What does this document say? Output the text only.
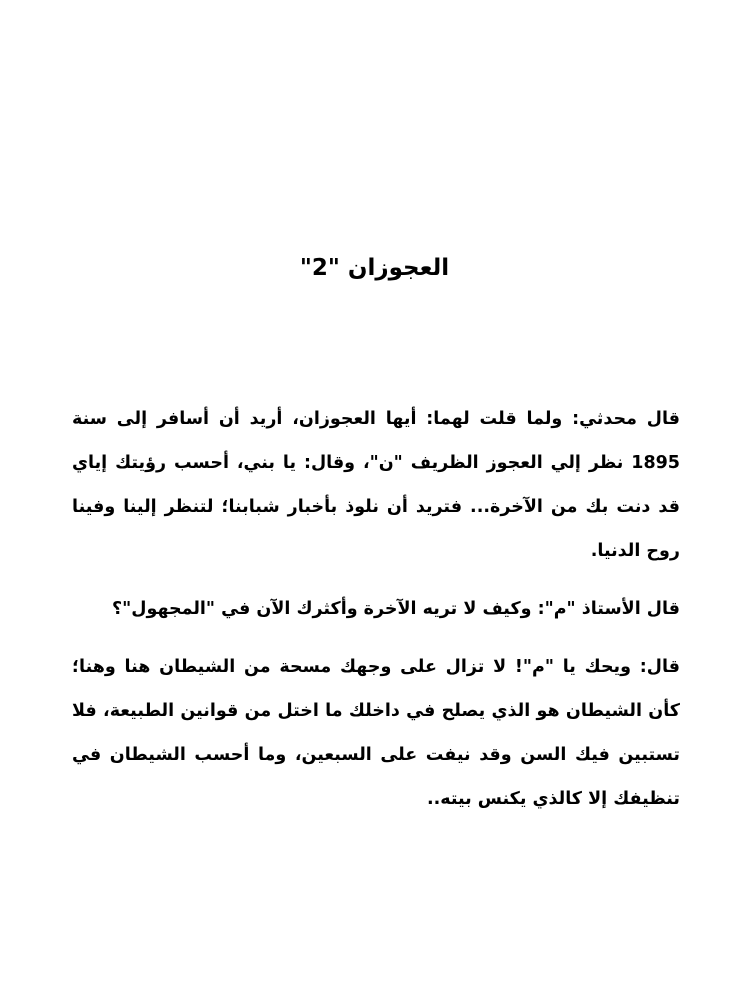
العجوزان "2"

قال محدثي: ولما قلت لهما: أيها العجوزان، أريد أن أسافر إلى سنة 1895 نظر إلي العجوز الظريف "ن"، وقال: يا بني، أحسب رؤيتك إياي قد دنت بك من الآخرة... فتريد أن نلوذ بأخبار شبابنا؛ لتنظر إلينا وفينا روح الدنيا.

قال الأستاذ "م": وكيف لا تريه الآخرة وأكثرك الآن في "المجهول"؟

قال: ويحك يا "م"! لا تزال على وجهك مسحة من الشيطان هنا وهنا؛ كأن الشيطان هو الذي يصلح في داخلك ما اختل من قوانين الطبيعة، فلا تستبين فيك السن وقد نيفت على السبعين، وما أحسب الشيطان في تنظيفك إلا كالذي يكنس بيته..
